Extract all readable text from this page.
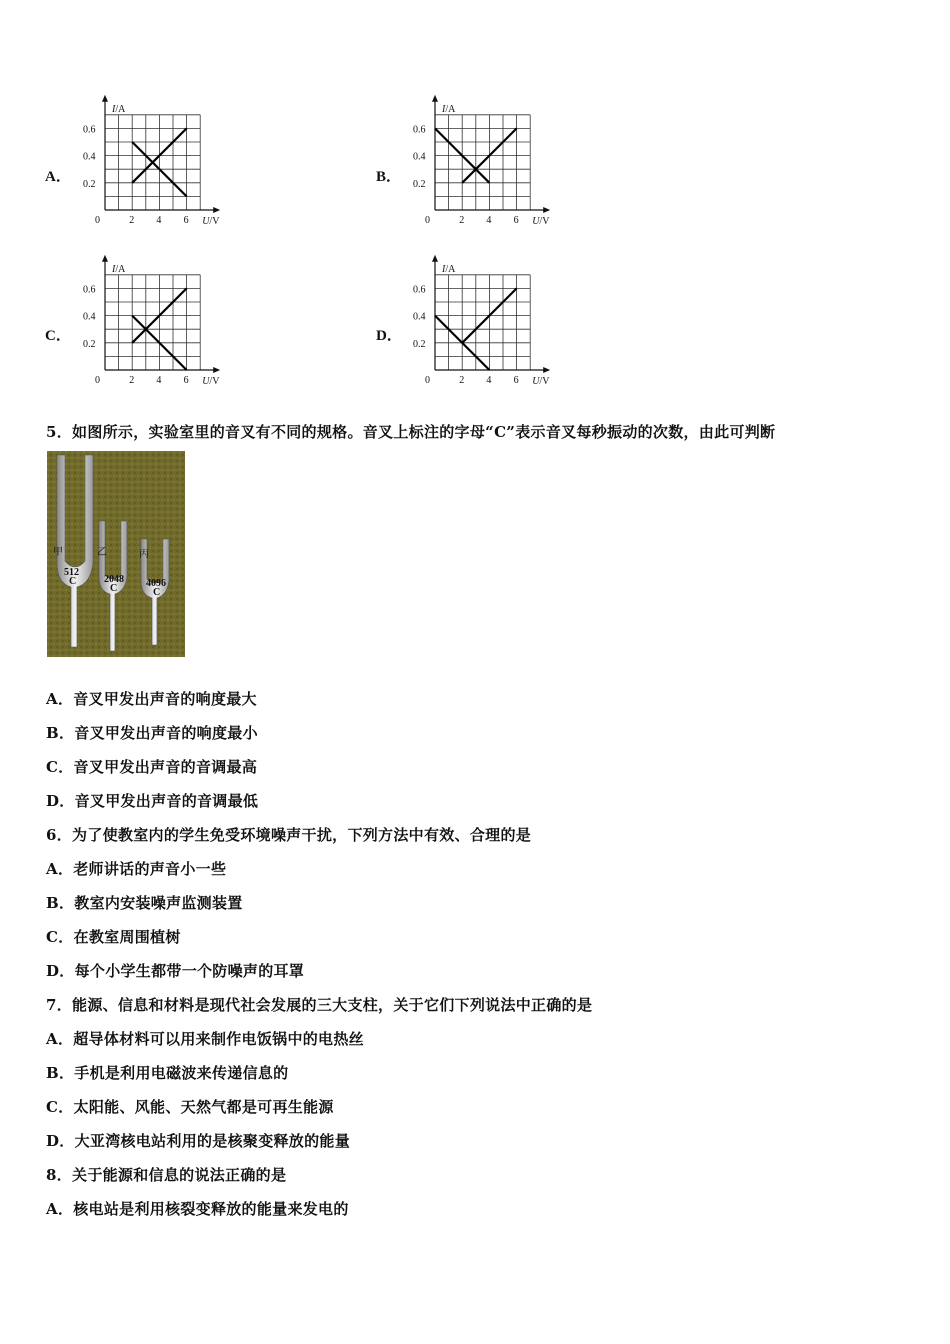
A．	B．
C．	D．
I/A
U/V
0	2 4 6
0.2
0.4
0.6
I/A
U/V
0	2 4 6
0.2
0.4
0.6
I/A
U/V
0	2 4 6
0.2
0.4
0.6
I/A
U/V
0	2 4 6
0.2
0.4
0.6
5．如图所示，实验室里的音叉有不同的规格。音叉上标注的字母“C”表示音叉每秒振动的次数，由此可判断
甲
512
C
乙
2048
C
丙
4096
C
A．音叉甲发出声音的响度最大
B．音叉甲发出声音的响度最小
C．音叉甲发出声音的音调最高
D．音叉甲发出声音的音调最低
6．为了使教室内的学生免受环境噪声干扰，下列方法中有效、合理的是
A．老师讲话的声音小一些
B．教室内安装噪声监测装置
C．在教室周围植树
D．每个小学生都带一个防噪声的耳罩
7．能源、信息和材料是现代社会发展的三大支柱，关于它们下列说法中正确的是
A．超导体材料可以用来制作电饭锅中的电热丝
B．手机是利用电磁波来传递信息的
C．太阳能、风能、天然气都是可再生能源
D．大亚湾核电站利用的是核聚变释放的能量
8．关于能源和信息的说法正确的是
A．核电站是利用核裂变释放的能量来发电的
